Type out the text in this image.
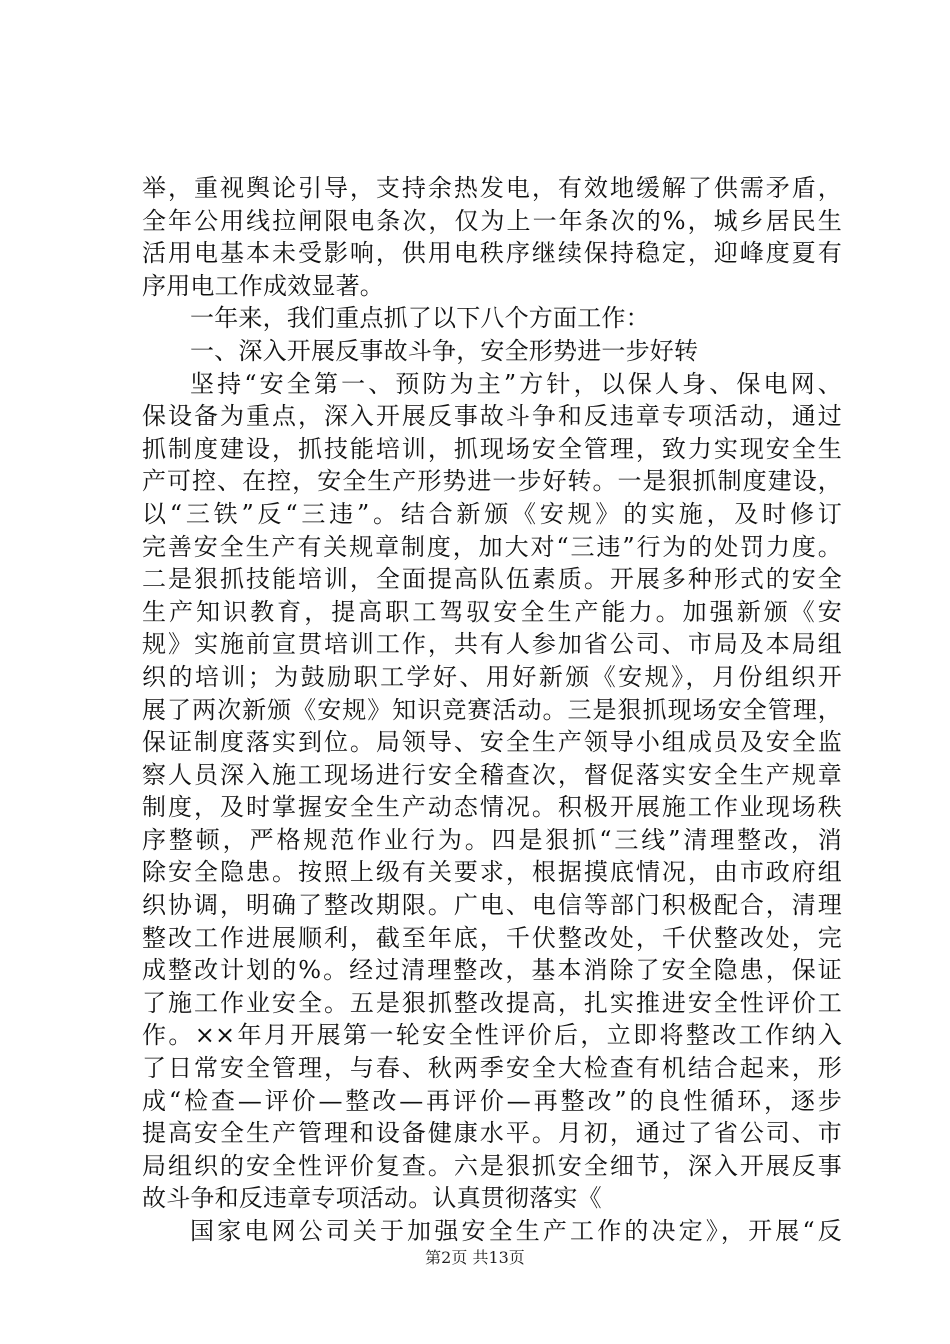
举，重视舆论引导，支持余热发电，有效地缓解了供需矛盾，
全年公用线拉闸限电条次，仅为上一年条次的%，城乡居民生
活用电基本未受影响，供用电秩序继续保持稳定，迎峰度夏有
序用电工作成效显著。
一年来，我们重点抓了以下八个方面工作：
一、深入开展反事故斗争，安全形势进一步好转
坚持“安全第一、预防为主”方针，以保人身、保电网、
保设备为重点，深入开展反事故斗争和反违章专项活动，通过
抓制度建设，抓技能培训，抓现场安全管理，致力实现安全生
产可控、在控，安全生产形势进一步好转。一是狠抓制度建设，
以“三铁”反“三违”。结合新颁《安规》的实施，及时修订
完善安全生产有关规章制度，加大对“三违”行为的处罚力度。
二是狠抓技能培训，全面提高队伍素质。开展多种形式的安全
生产知识教育，提高职工驾驭安全生产能力。加强新颁《安
规》实施前宣贯培训工作，共有人参加省公司、市局及本局组
织的培训；为鼓励职工学好、用好新颁《安规》，月份组织开
展了两次新颁《安规》知识竞赛活动。三是狠抓现场安全管理，
保证制度落实到位。局领导、安全生产领导小组成员及安全监
察人员深入施工现场进行安全稽查次，督促落实安全生产规章
制度，及时掌握安全生产动态情况。积极开展施工作业现场秩
序整顿，严格规范作业行为。四是狠抓“三线”清理整改，消
除安全隐患。按照上级有关要求，根据摸底情况，由市政府组
织协调，明确了整改期限。广电、电信等部门积极配合，清理
整改工作进展顺利，截至年底，千伏整改处，千伏整改处，完
成整改计划的%。经过清理整改，基本消除了安全隐患，保证
了施工作业安全。五是狠抓整改提高，扎实推进安全性评价工
作。××年月开展第一轮安全性评价后，立即将整改工作纳入
了日常安全管理，与春、秋两季安全大检查有机结合起来，形
成“检查—评价—整改—再评价—再整改”的良性循环，逐步
提高安全生产管理和设备健康水平。月初，通过了省公司、市
局组织的安全性评价复查。六是狠抓安全细节，深入开展反事
故斗争和反违章专项活动。认真贯彻落实《
国家电网公司关于加强安全生产工作的决定》，开展“反
第2页 共13页
